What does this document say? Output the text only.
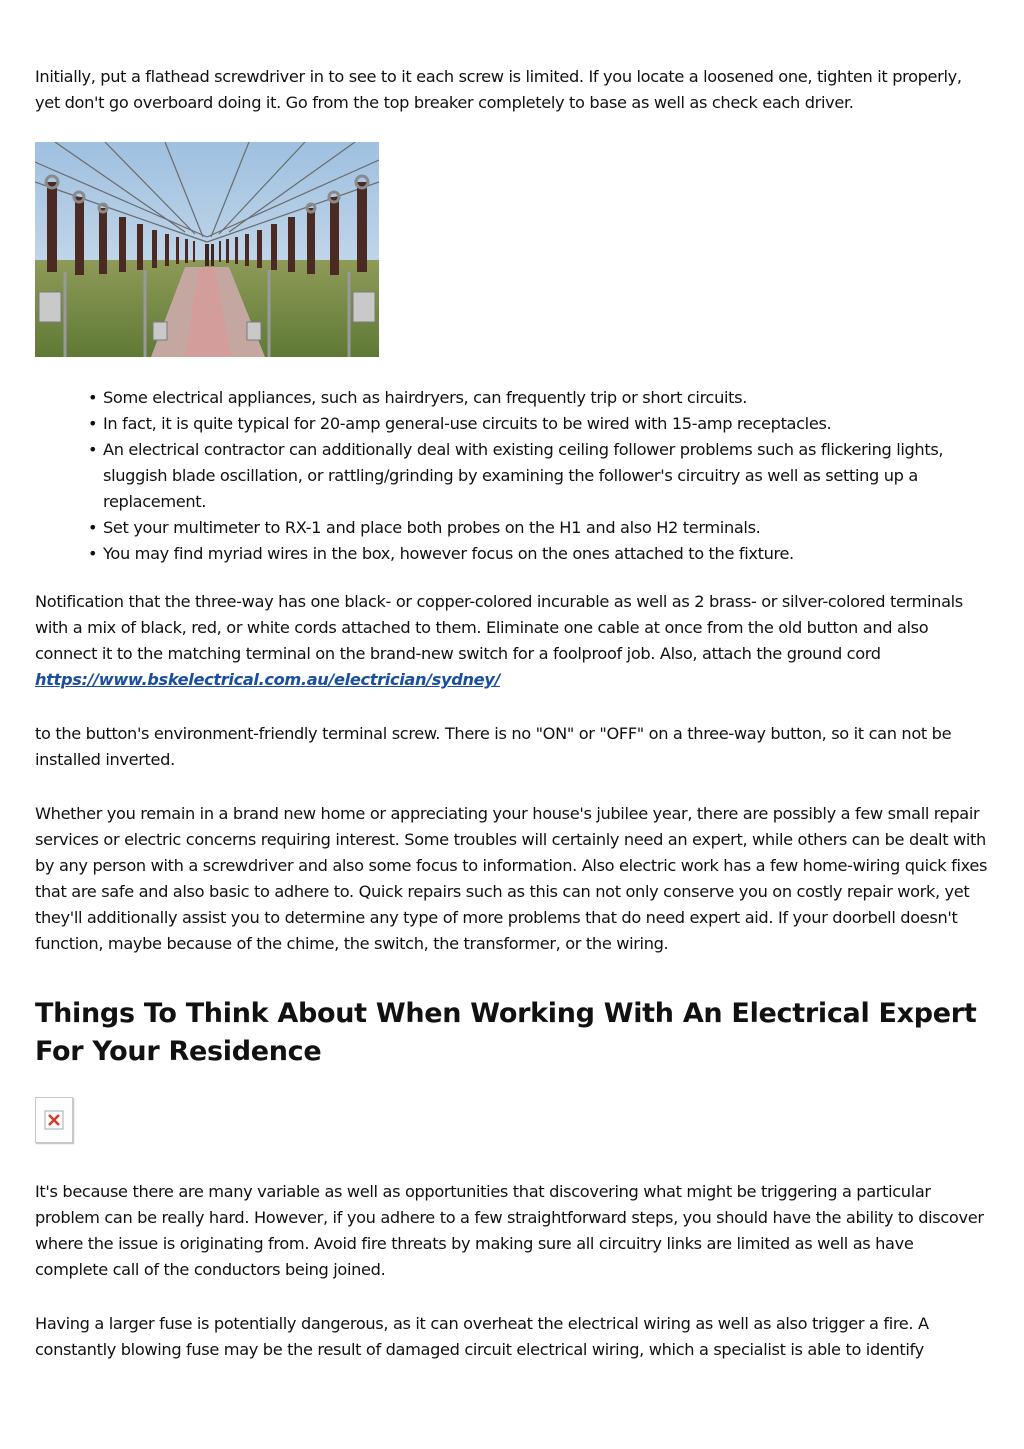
Initially, put a flathead screwdriver in to see to it each screw is limited. If you locate a loosened one, tighten it properly, yet don't go overboard doing it. Go from the top breaker completely to base as well as check each driver.

• Some electrical appliances, such as hairdryers, can frequently trip or short circuits.
• In fact, it is quite typical for 20-amp general-use circuits to be wired with 15-amp receptacles.
• An electrical contractor can additionally deal with existing ceiling follower problems such as flickering lights, sluggish blade oscillation, or rattling/grinding by examining the follower's circuitry as well as setting up a replacement.
• Set your multimeter to RX-1 and place both probes on the H1 and also H2 terminals.
• You may find myriad wires in the box, however focus on the ones attached to the fixture.

Notification that the three-way has one black- or copper-colored incurable as well as 2 brass- or silver-colored terminals with a mix of black, red, or white cords attached to them. Eliminate one cable at once from the old button and also connect it to the matching terminal on the brand-new switch for a foolproof job. Also, attach the ground cord https://www.bskelectrical.com.au/electrician/sydney/

to the button's environment-friendly terminal screw. There is no "ON" or "OFF" on a three-way button, so it can not be installed inverted.

Whether you remain in a brand new home or appreciating your house's jubilee year, there are possibly a few small repair services or electric concerns requiring interest. Some troubles will certainly need an expert, while others can be dealt with by any person with a screwdriver and also some focus to information. Also electric work has a few home-wiring quick fixes that are safe and also basic to adhere to. Quick repairs such as this can not only conserve you on costly repair work, yet they'll additionally assist you to determine any type of more problems that do need expert aid. If your doorbell doesn't function, maybe because of the chime, the switch, the transformer, or the wiring.

Things To Think About When Working With An Electrical Expert For Your Residence

It's because there are many variable as well as opportunities that discovering what might be triggering a particular problem can be really hard. However, if you adhere to a few straightforward steps, you should have the ability to discover where the issue is originating from. Avoid fire threats by making sure all circuitry links are limited as well as have complete call of the conductors being joined.

Having a larger fuse is potentially dangerous, as it can overheat the electrical wiring as well as also trigger a fire. A constantly blowing fuse may be the result of damaged circuit electrical wiring, which a specialist is able to identify
